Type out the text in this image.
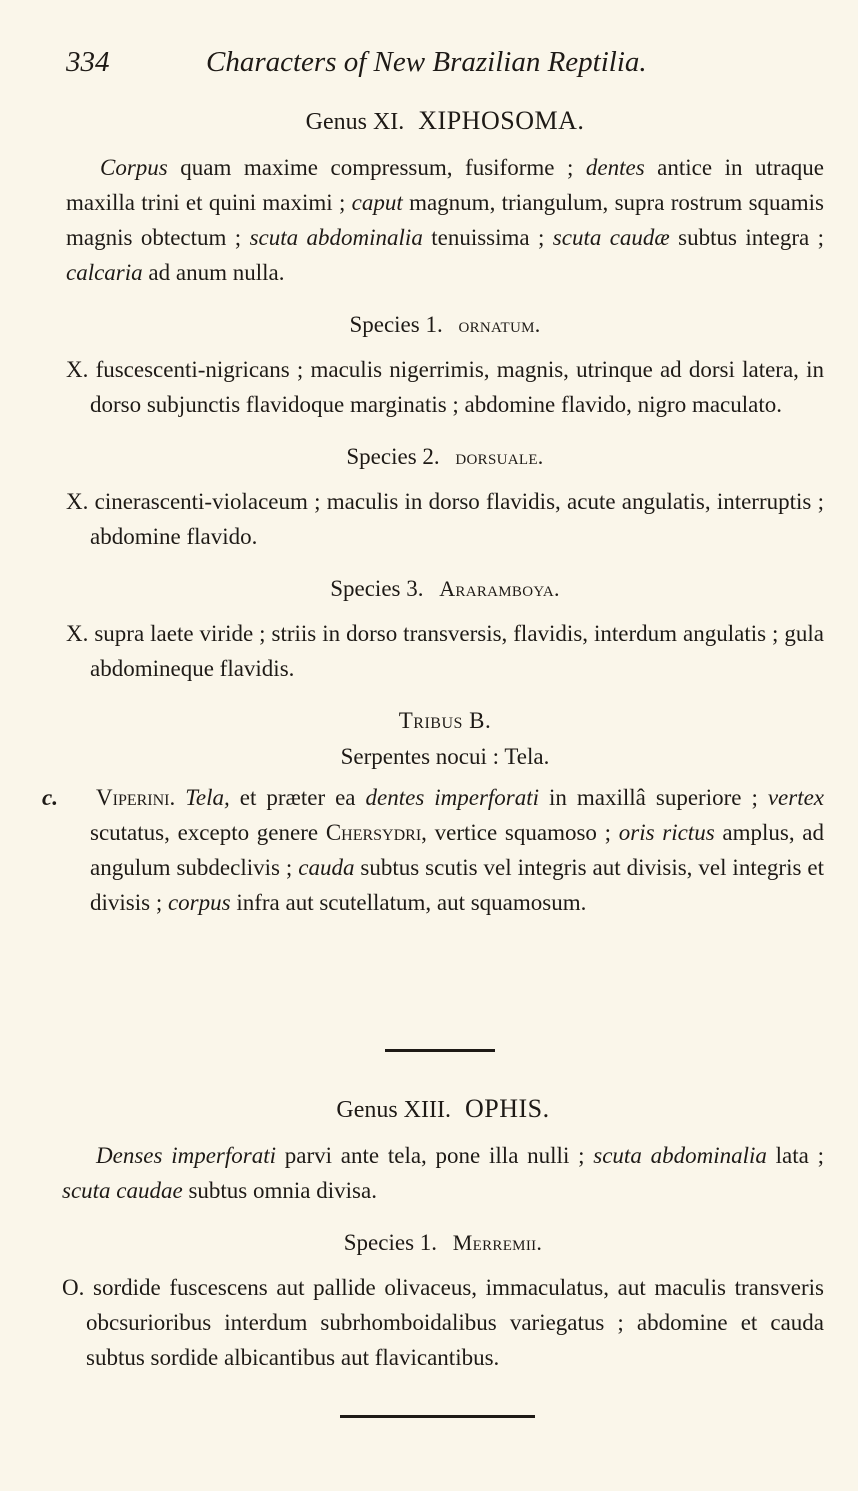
334	Characters of New Brazilian Reptilia.
Genus XI. XIPHOSOMA.

Corpus quam maxime compressum, fusiforme ; dentes antice in utraque maxilla trini et quini maximi ; caput magnum, triangulum, supra rostrum squamis magnis obtectum ; scuta abdominalia tenuissima ; scuta caudæ subtus integra ; calcaria ad anum nulla.

Species 1. ornatum.

X. fuscescenti-nigricans ; maculis nigerrimis, magnis, utrinque ad dorsi latera, in dorso subjunctis flavidoque marginatis ; abdomine flavido, nigro maculato.

Species 2. dorsuale.

X. cinerascenti-violaceum ; maculis in dorso flavidis, acute angulatis, interruptis ; abdomine flavido.

Species 3. Araramboya.

X. supra laete viride ; striis in dorso transversis, flavidis, interdum angulatis ; gula abdomineque flavidis.

Tribus B.
Serpentes nocui : Tela.
c. Viperini. Tela, et præter ea dentes imperforati in maxillâ superiore ; vertex scutatus, excepto genere Chersydri, vertice squamoso ; oris rictus amplus, ad angulum subdeclivis ; cauda subtus scutis vel integris aut divisis, vel integris et divisis ; corpus infra aut scutellatum, aut squamosum.
Genus XIII. OPHIS.

Denses imperforati parvi ante tela, pone illa nulli ; scuta abdominalia lata ; scuta caudae subtus omnia divisa.

Species 1. Merremii.

O. sordide fuscescens aut pallide olivaceus, immaculatus, aut maculis transveris obcsurioribus interdum subrhomboidalibus variegatus ; abdomine et cauda subtus sordide albicantibus aut flavicantibus.
